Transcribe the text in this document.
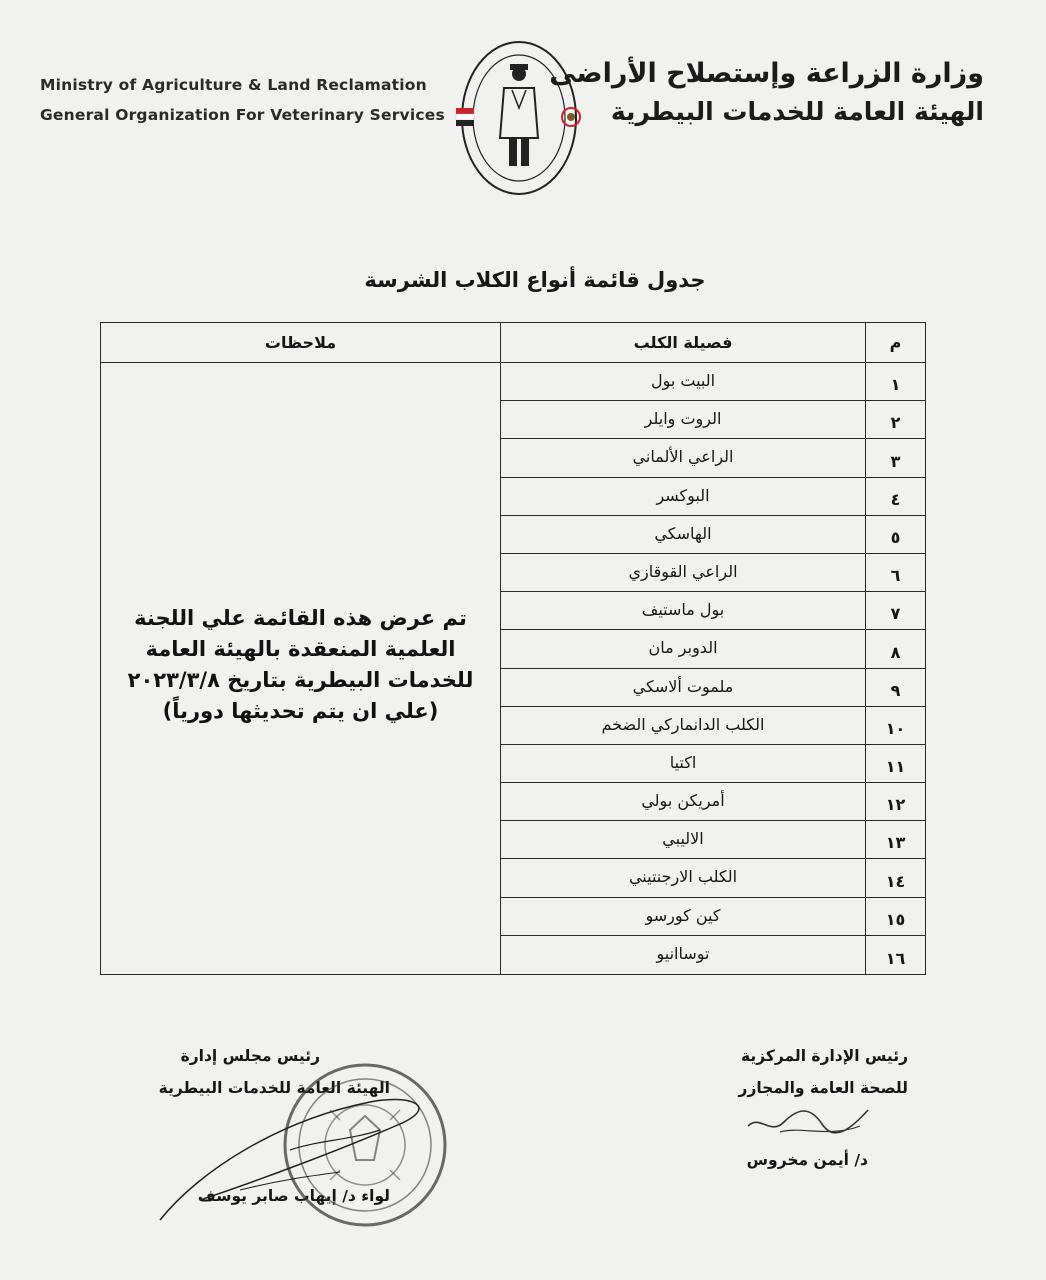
Ministry of Agriculture & Land Reclamation
General Organization For Veterinary Services
وزارة الزراعة وإستصلاح الأراضى
الهيئة العامة للخدمات البيطرية
جدول قائمة أنواع الكلاب الشرسة
ملاحظات
تم عرض هذه القائمة علي اللجنة
العلمية المنعقدة بالهيئة العامة
للخدمات البيطرية بتاريخ ٢٠٢٣/٣/٨
(علي ان يتم تحديثها دورياً)
م
فصيلة الكلب
١
البيت بول
٢
الروت وايلر
٣
الراعي الألماني
٤
البوكسر
٥
الهاسكي
٦
الراعي القوقازي
٧
بول ماستيف
٨
الدوبر مان
٩
ملموت ألاسكي
١٠
الكلب الدانماركي الضخم
١١
اكتيا
١٢
أمريكن بولي
١٣
الاليبي
١٤
الكلب الارجنتيني
١٥
كين كورسو
١٦
توساانيو
رئيس الإدارة المركزية
للصحة العامة والمجازر
د/ أيمن مخروس
رئيس مجلس إدارة
الهيئة العامة للخدمات البيطرية
لواء د/ إيهاب صابر يوسف
